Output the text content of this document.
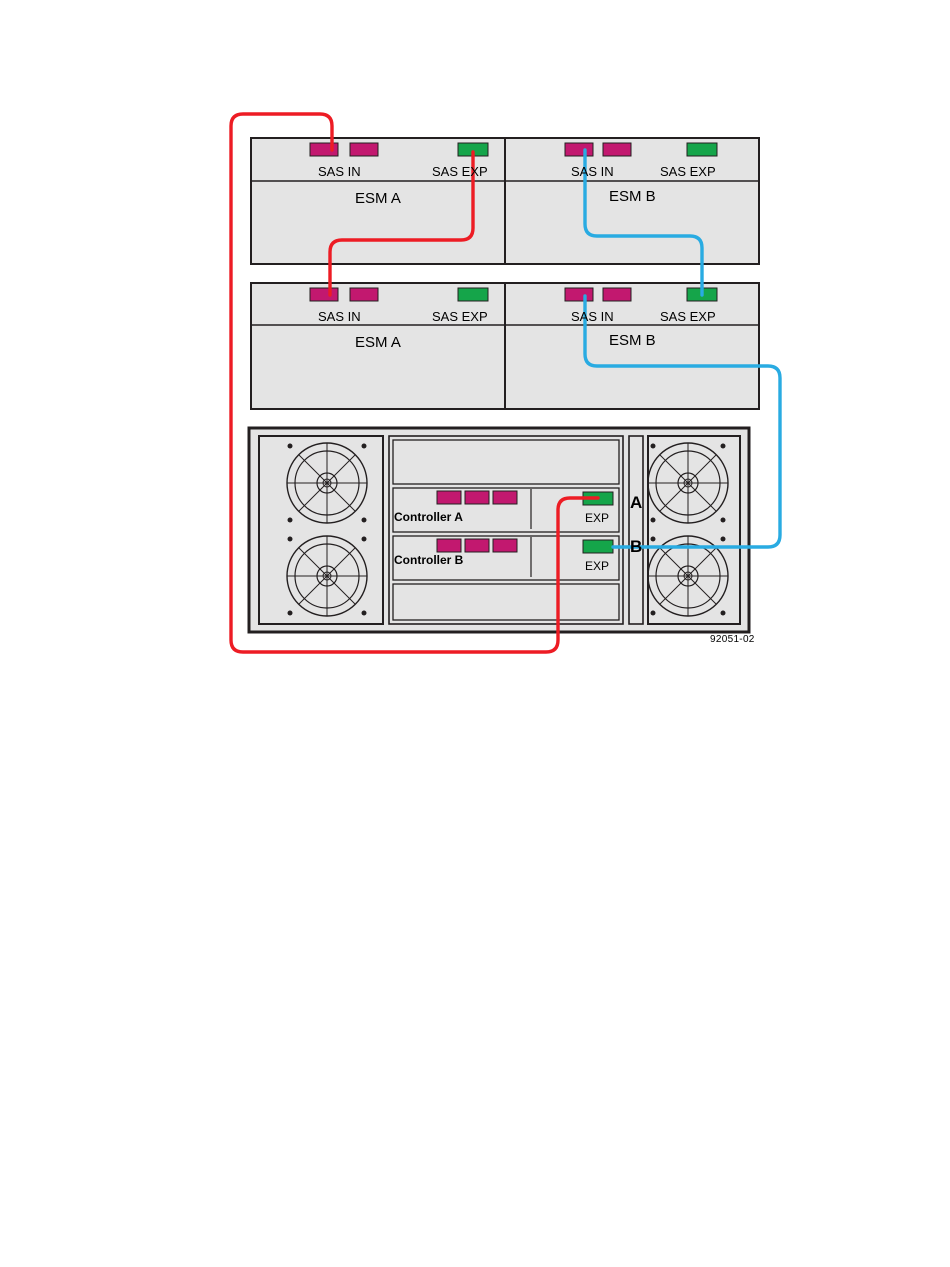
SAS IN	SAS EXP
ESM A
SAS IN	SAS EXP
ESM B
SAS IN	SAS EXP
ESM A
SAS IN	SAS EXP
ESM B
Controller A	EXP
A
Controller B	EXP
B
92051-02
